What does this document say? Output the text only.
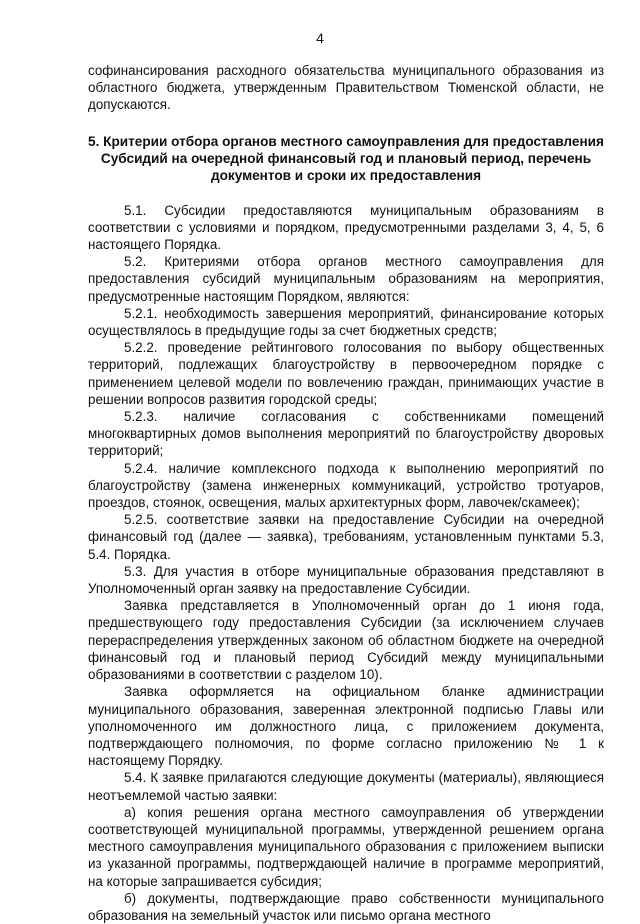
4

софинансирования расходного обязательства муниципального образования из областного бюджета, утвержденным Правительством Тюменской области, не допускаются.

5. Критерии отбора органов местного самоуправления для предоставления Субсидий на очередной финансовый год и плановый период, перечень документов и сроки их предоставления

5.1. Субсидии предоставляются муниципальным образованиям в соответствии с условиями и порядком, предусмотренными разделами 3, 4, 5, 6 настоящего Порядка.

5.2. Критериями отбора органов местного самоуправления для предоставления субсидий муниципальным образованиям на мероприятия, предусмотренные настоящим Порядком, являются:

5.2.1. необходимость завершения мероприятий, финансирование которых осуществлялось в предыдущие годы за счет бюджетных средств;

5.2.2. проведение рейтингового голосования по выбору общественных территорий, подлежащих благоустройству в первоочередном порядке с применением целевой модели по вовлечению граждан, принимающих участие в решении вопросов развития городской среды;

5.2.3. наличие согласования с собственниками помещений многоквартирных домов выполнения мероприятий по благоустройству дворовых территорий;

5.2.4. наличие комплексного подхода к выполнению мероприятий по благоустройству (замена инженерных коммуникаций, устройство тротуаров, проездов, стоянок, освещения, малых архитектурных форм, лавочек/скамеек);

5.2.5. соответствие заявки на предоставление Субсидии на очередной финансовый год (далее — заявка), требованиям, установленным пунктами 5.3, 5.4. Порядка.

5.3. Для участия в отборе муниципальные образования представляют в Уполномоченный орган заявку на предоставление Субсидии.

Заявка представляется в Уполномоченный орган до 1 июня года, предшествующего году предоставления Субсидии (за исключением случаев перераспределения утвержденных законом об областном бюджете на очередной финансовый год и плановый период Субсидий между муниципальными образованиями в соответствии с разделом 10).

Заявка оформляется на официальном бланке администрации муниципального образования, заверенная электронной подписью Главы или уполномоченного им должностного лица, с приложением документа, подтверждающего полномочия, по форме согласно приложению № 1 к настоящему Порядку.

5.4. К заявке прилагаются следующие документы (материалы), являющиеся неотъемлемой частью заявки:

а) копия решения органа местного самоуправления об утверждении соответствующей муниципальной программы, утвержденной решением органа местного самоуправления муниципального образования с приложением выписки из указанной программы, подтверждающей наличие в программе мероприятий, на которые запрашивается субсидия;

б) документы, подтверждающие право собственности муниципального образования на земельный участок или письмо органа местного
